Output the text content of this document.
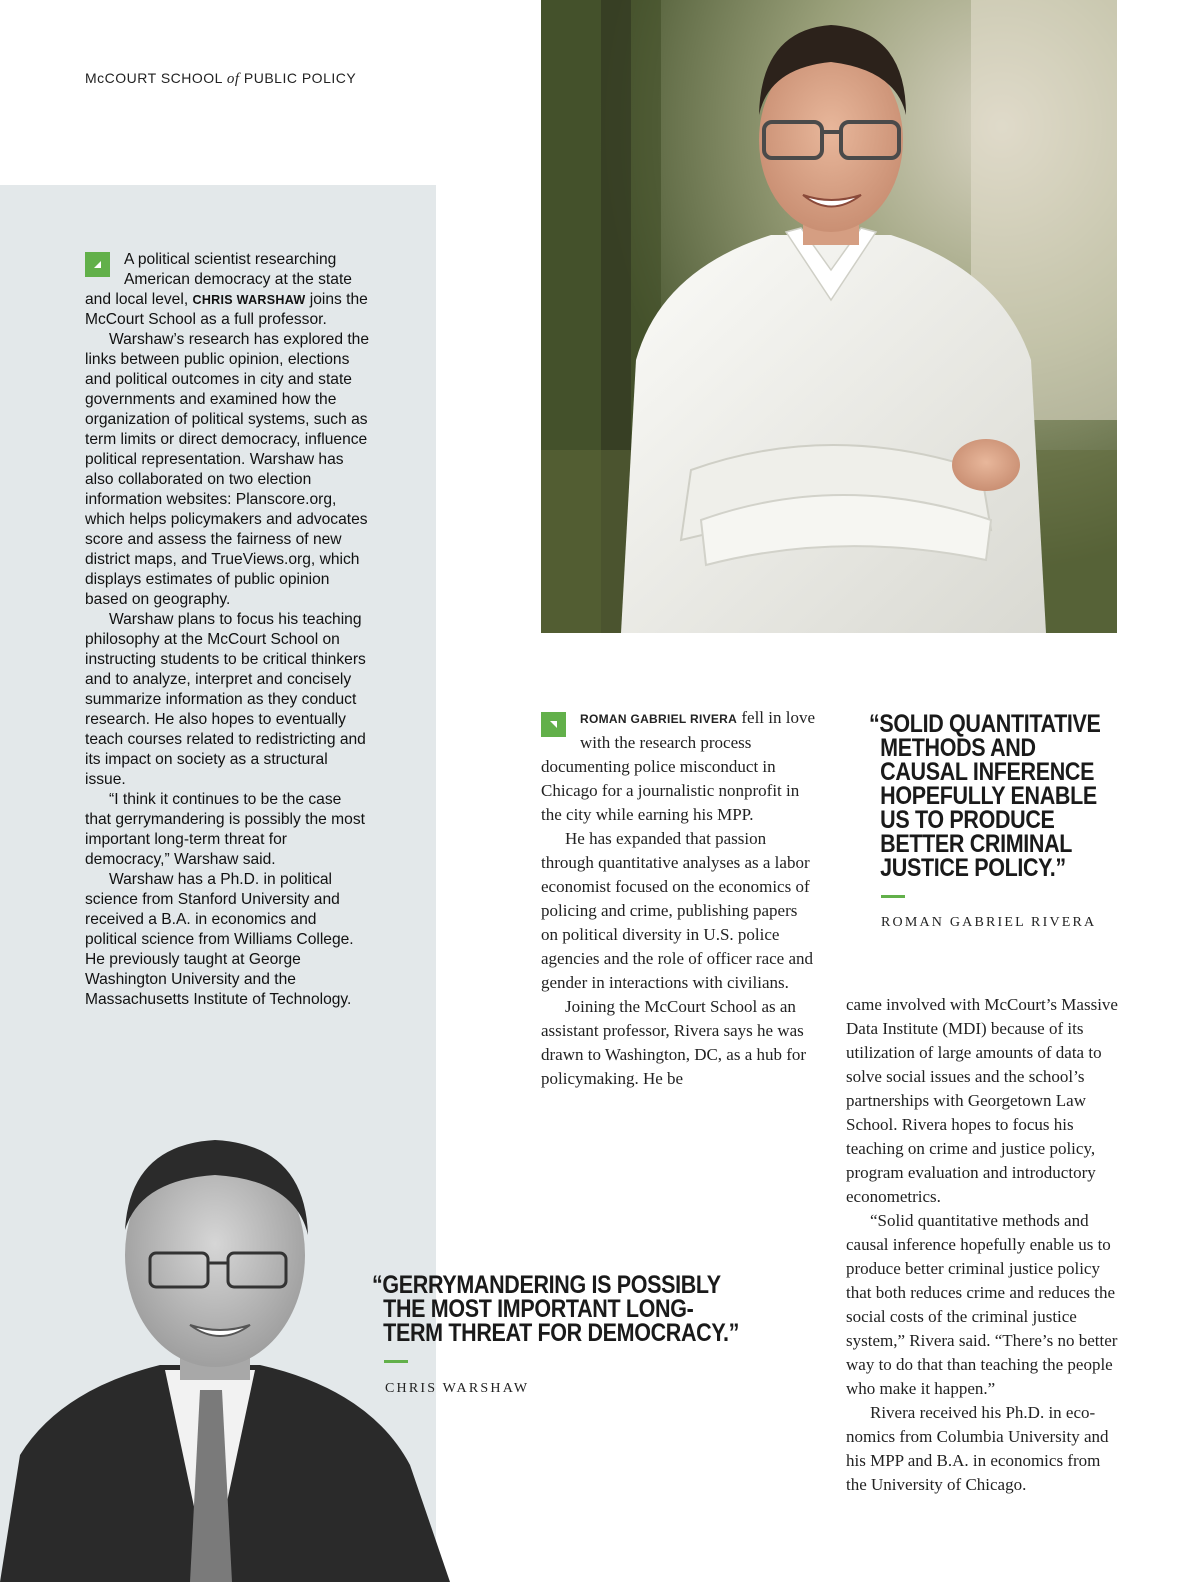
McCOURT SCHOOL of PUBLIC POLICY

A political scientist researching American democracy at the state and local level, CHRIS WARSHAW joins the McCourt School as a full professor.

Warshaw’s research has explored the links between public opinion, elections and political outcomes in city and state governments and examined how the organization of political systems, such as term limits or direct democracy, influence political representation. Warshaw has also collaborated on two election information websites: Planscore.org, which helps policymakers and advocates score and assess the fairness of new district maps, and TrueViews.org, which displays estimates of public opinion based on geography.

Warshaw plans to focus his teaching philosophy at the McCourt School on instructing students to be critical thinkers and to analyze, interpret and concisely summarize information as they conduct research. He also hopes to eventually teach courses related to redistricting and its impact on society as a structural issue.

“I think it continues to be the case that gerrymandering is possibly the most important long-term threat for democracy,” Warshaw said.

Warshaw has a Ph.D. in political science from Stanford University and received a B.A. in economics and political science from Williams College. He previously taught at George Washington University and the Massachusetts Institute of Technology.

ROMAN GABRIEL RIVERA fell in love with the research process documenting police misconduct in Chicago for a journalistic nonprofit in the city while earning his MPP.

He has expanded that passion through quantitative analyses as a labor economist focused on the economics of policing and crime, publishing papers on political diversity in U.S. police agencies and the role of officer race and gender in interactions with civilians.

Joining the McCourt School as an assistant professor, Rivera says he was drawn to Washington, DC, as a hub for policymaking. He be

came involved with McCourt’s Massive Data Institute (MDI) because of its utilization of large amounts of data to solve social issues and the school’s partnerships with Georgetown Law School. Rivera hopes to focus his teaching on crime and justice policy, program evaluation and introductory econometrics.

“Solid quantitative methods and causal inference hopefully enable us to produce better criminal justice policy that both reduces crime and reduces the social costs of the criminal justice system,” Rivera said. “There’s no better way to do that than teaching the people who make it happen.”

Rivera received his Ph.D. in economics from Columbia University and his MPP and B.A. in economics from the University of Chicago.

“SOLID QUANTITATIVE
METHODS AND
CAUSAL INFERENCE
HOPEFULLY ENABLE
US TO PRODUCE
BETTER CRIMINAL
JUSTICE POLICY.”
ROMAN GABRIEL RIVERA
“GERRYMANDERING IS POSSIBLY
THE MOST IMPORTANT LONG-
TERM THREAT FOR DEMOCRACY.”
CHRIS WARSHAW
